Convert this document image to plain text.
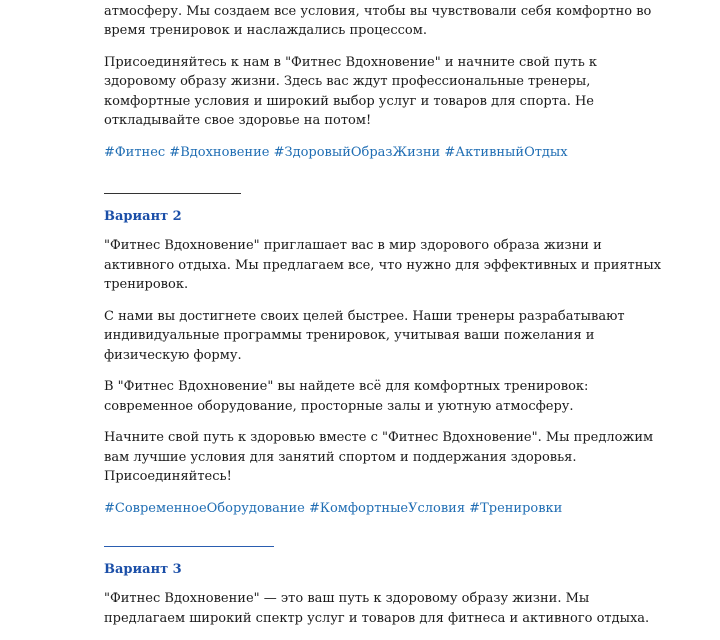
атмосферу. Мы создаем все условия, чтобы вы чувствовали себя комфортно во время тренировок и наслаждались процессом.

Присоединяйтесь к нам в "Фитнес Вдохновение" и начните свой путь к здоровому образу жизни. Здесь вас ждут профессиональные тренеры, комфортные условия и широкий выбор услуг и товаров для спорта. Не откладывайте свое здоровье на потом!

#Фитнес #Вдохновение #ЗдоровыйОбразЖизни #АктивныйОтдых

Вариант 2

"Фитнес Вдохновение" приглашает вас в мир здорового образа жизни и активного отдыха. Мы предлагаем все, что нужно для эффективных и приятных тренировок.

С нами вы достигнете своих целей быстрее. Наши тренеры разрабатывают индивидуальные программы тренировок, учитывая ваши пожелания и физическую форму.

В "Фитнес Вдохновение" вы найдете всё для комфортных тренировок: современное оборудование, просторные залы и уютную атмосферу.

Начните свой путь к здоровью вместе с "Фитнес Вдохновение". Мы предложим вам лучшие условия для занятий спортом и поддержания здоровья. Присоединяйтесь!

#СовременноеОборудование #КомфортныеУсловия #Тренировки

Вариант 3

"Фитнес Вдохновение" — это ваш путь к здоровому образу жизни. Мы предлагаем широкий спектр услуг и товаров для фитнеса и активного отдыха.
